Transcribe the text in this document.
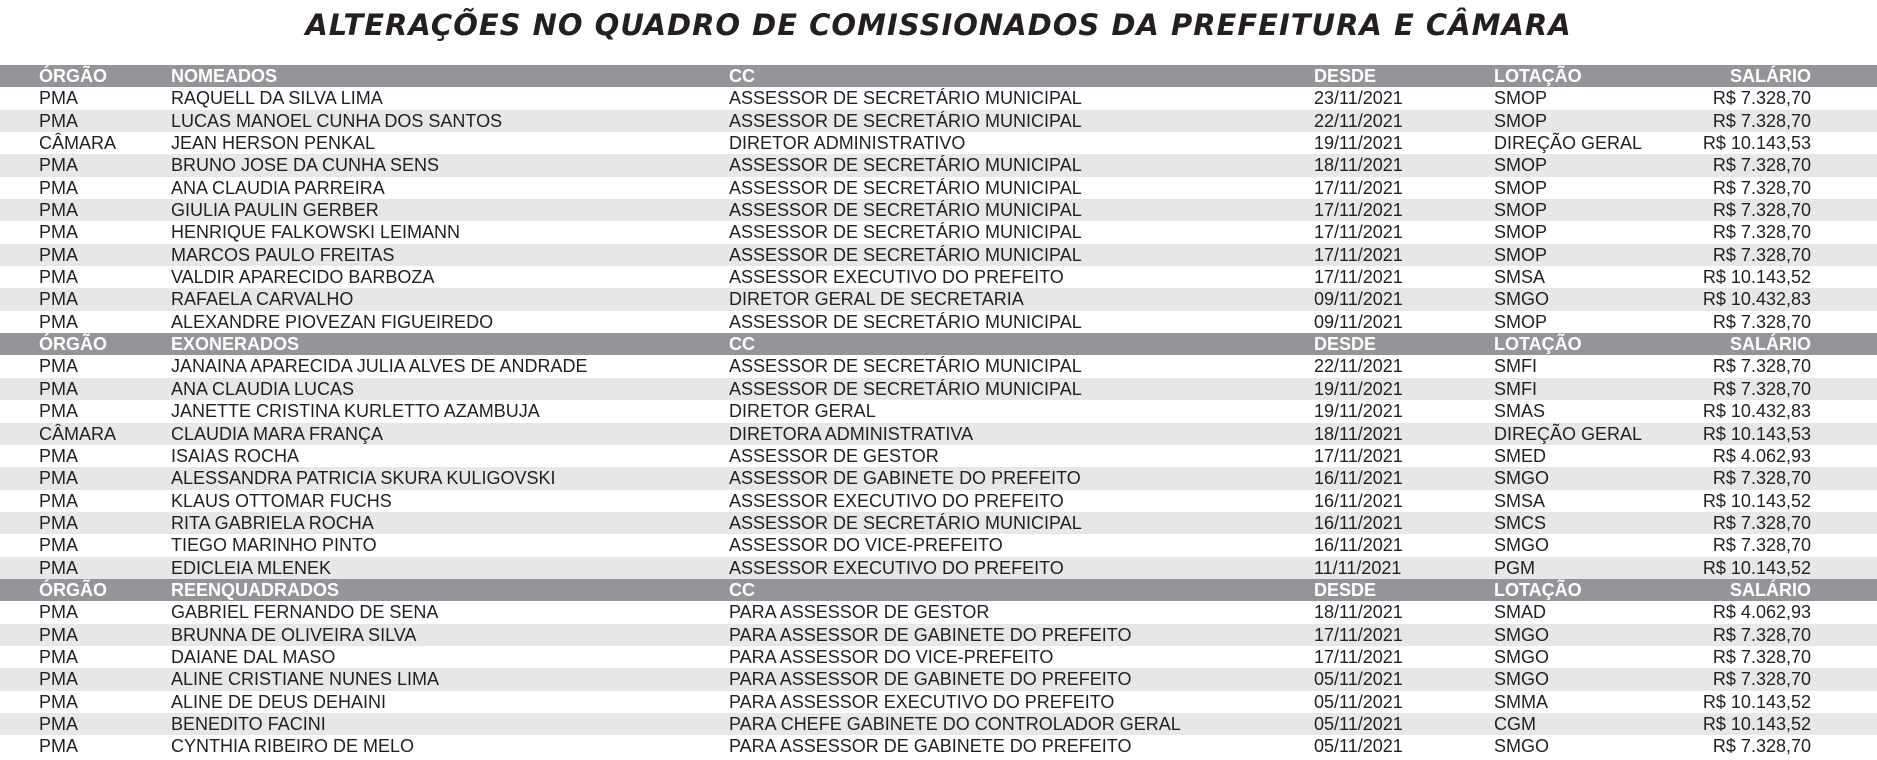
ALTERAÇÕES NO QUADRO DE COMISSIONADOS DA PREFEITURA E CÂMARA
ÓRGÃO	NOMEADOS	CC	DESDE	LOTAÇÃO	SALÁRIO
PMA	RAQUELL DA SILVA LIMA	ASSESSOR DE SECRETÁRIO MUNICIPAL	23/11/2021	SMOP	R$ 7.328,70
PMA	LUCAS MANOEL CUNHA DOS SANTOS	ASSESSOR DE SECRETÁRIO MUNICIPAL	22/11/2021	SMOP	R$ 7.328,70
CÂMARA	JEAN HERSON PENKAL	DIRETOR ADMINISTRATIVO	19/11/2021	DIREÇÃO GERAL	R$ 10.143,53
PMA	BRUNO JOSE DA CUNHA SENS	ASSESSOR DE SECRETÁRIO MUNICIPAL	18/11/2021	SMOP	R$ 7.328,70
PMA	ANA CLAUDIA PARREIRA	ASSESSOR DE SECRETÁRIO MUNICIPAL	17/11/2021	SMOP	R$ 7.328,70
PMA	GIULIA PAULIN GERBER	ASSESSOR DE SECRETÁRIO MUNICIPAL	17/11/2021	SMOP	R$ 7.328,70
PMA	HENRIQUE FALKOWSKI LEIMANN	ASSESSOR DE SECRETÁRIO MUNICIPAL	17/11/2021	SMOP	R$ 7.328,70
PMA	MARCOS PAULO FREITAS	ASSESSOR DE SECRETÁRIO MUNICIPAL	17/11/2021	SMOP	R$ 7.328,70
PMA	VALDIR APARECIDO BARBOZA	ASSESSOR EXECUTIVO DO PREFEITO	17/11/2021	SMSA	R$ 10.143,52
PMA	RAFAELA CARVALHO	DIRETOR GERAL DE SECRETARIA	09/11/2021	SMGO	R$ 10.432,83
PMA	ALEXANDRE PIOVEZAN FIGUEIREDO	ASSESSOR DE SECRETÁRIO MUNICIPAL	09/11/2021	SMOP	R$ 7.328,70
ÓRGÃO	EXONERADOS	CC	DESDE	LOTAÇÃO	SALÁRIO
PMA	JANAINA APARECIDA JULIA ALVES DE ANDRADE	ASSESSOR DE SECRETÁRIO MUNICIPAL	22/11/2021	SMFI	R$ 7.328,70
PMA	ANA CLAUDIA LUCAS	ASSESSOR DE SECRETÁRIO MUNICIPAL	19/11/2021	SMFI	R$ 7.328,70
PMA	JANETTE CRISTINA KURLETTO AZAMBUJA	DIRETOR GERAL	19/11/2021	SMAS	R$ 10.432,83
CÂMARA	CLAUDIA MARA FRANÇA	DIRETORA ADMINISTRATIVA	18/11/2021	DIREÇÃO GERAL	R$ 10.143,53
PMA	ISAIAS ROCHA	ASSESSOR DE GESTOR	17/11/2021	SMED	R$ 4.062,93
PMA	ALESSANDRA PATRICIA SKURA KULIGOVSKI	ASSESSOR DE GABINETE DO PREFEITO	16/11/2021	SMGO	R$ 7.328,70
PMA	KLAUS OTTOMAR FUCHS	ASSESSOR EXECUTIVO DO PREFEITO	16/11/2021	SMSA	R$ 10.143,52
PMA	RITA GABRIELA ROCHA	ASSESSOR DE SECRETÁRIO MUNICIPAL	16/11/2021	SMCS	R$ 7.328,70
PMA	TIEGO MARINHO PINTO	ASSESSOR DO VICE-PREFEITO	16/11/2021	SMGO	R$ 7.328,70
PMA	EDICLEIA MLENEK	ASSESSOR EXECUTIVO DO PREFEITO	11/11/2021	PGM	R$ 10.143,52
ÓRGÃO	REENQUADRADOS	CC	DESDE	LOTAÇÃO	SALÁRIO
PMA	GABRIEL FERNANDO DE SENA	PARA ASSESSOR DE GESTOR	18/11/2021	SMAD	R$ 4.062,93
PMA	BRUNNA DE OLIVEIRA SILVA	PARA ASSESSOR DE GABINETE DO PREFEITO	17/11/2021	SMGO	R$ 7.328,70
PMA	DAIANE DAL MASO	PARA ASSESSOR DO VICE-PREFEITO	17/11/2021	SMGO	R$ 7.328,70
PMA	ALINE CRISTIANE NUNES LIMA	PARA ASSESSOR DE GABINETE DO PREFEITO	05/11/2021	SMGO	R$ 7.328,70
PMA	ALINE DE DEUS DEHAINI	PARA ASSESSOR EXECUTIVO DO PREFEITO	05/11/2021	SMMA	R$ 10.143,52
PMA	BENEDITO FACINI	PARA CHEFE GABINETE DO CONTROLADOR GERAL	05/11/2021	CGM	R$ 10.143,52
PMA	CYNTHIA RIBEIRO DE MELO	PARA ASSESSOR DE GABINETE DO PREFEITO	05/11/2021	SMGO	R$ 7.328,70
